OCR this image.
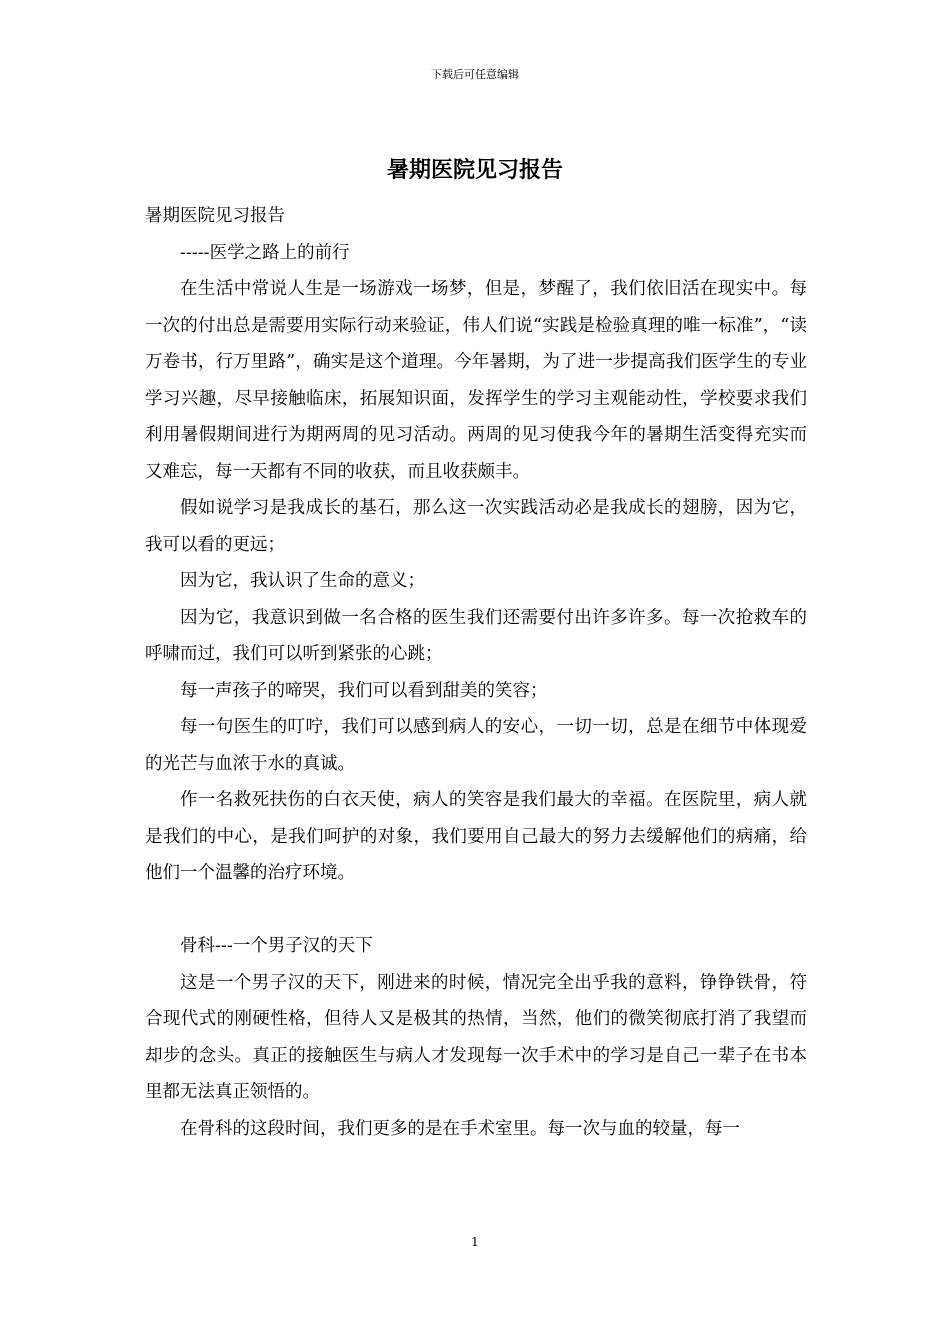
下载后可任意编辑
暑期医院见习报告

暑期医院见习报告

-----医学之路上的前行

在生活中常说人生是一场游戏一场梦，但是，梦醒了，我们依旧活在现实中。每一次的付出总是需要用实际行动来验证，伟人们说“实践是检验真理的唯一标准”，“读万卷书，行万里路”，确实是这个道理。今年暑期，为了进一步提高我们医学生的专业学习兴趣，尽早接触临床，拓展知识面，发挥学生的学习主观能动性，学校要求我们利用暑假期间进行为期两周的见习活动。两周的见习使我今年的暑期生活变得充实而又难忘，每一天都有不同的收获，而且收获颇丰。

假如说学习是我成长的基石，那么这一次实践活动必是我成长的翅膀，因为它，我可以看的更远；

因为它，我认识了生命的意义；

因为它，我意识到做一名合格的医生我们还需要付出许多许多。每一次抢救车的呼啸而过，我们可以听到紧张的心跳；

每一声孩子的啼哭，我们可以看到甜美的笑容；

每一句医生的叮咛，我们可以感到病人的安心，一切一切，总是在细节中体现爱的光芒与血浓于水的真诚。

作一名救死扶伤的白衣天使，病人的笑容是我们最大的幸福。在医院里，病人就是我们的中心，是我们呵护的对象，我们要用自己最大的努力去缓解他们的病痛，给他们一个温馨的治疗环境。

骨科---一个男子汉的天下

这是一个男子汉的天下，刚进来的时候，情况完全出乎我的意料，铮铮铁骨，符合现代式的刚硬性格，但待人又是极其的热情，当然，他们的微笑彻底打消了我望而却步的念头。真正的接触医生与病人才发现每一次手术中的学习是自己一辈子在书本里都无法真正领悟的。

在骨科的这段时间，我们更多的是在手术室里。每一次与血的较量，每一

1
